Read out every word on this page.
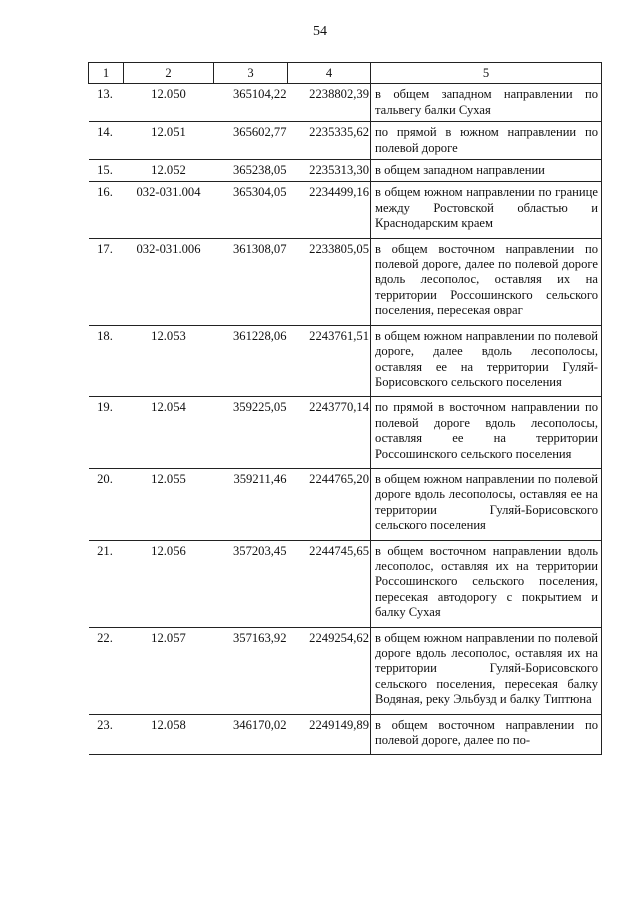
54
1	2	3	4	5
13.	12.050	365104,22	2238802,39	в общем западном направлении по тальвегу балки Сухая
14.	12.051	365602,77	2235335,62	по прямой в южном направлении по полевой дороге
15.	12.052	365238,05	2235313,30	в общем западном направлении
16.	032-031.004	365304,05	2234499,16	в общем южном направлении по границе между Ростовской областью и Краснодарским краем
17.	032-031.006	361308,07	2233805,05	в общем восточном направлении по полевой дороге, далее по полевой дороге вдоль лесополос, оставляя их на территории Россошинского сельского поселения, пересекая овраг
18.	12.053	361228,06	2243761,51	в общем южном направлении по полевой дороге, далее вдоль лесополосы, оставляя ее на территории Гуляй-Борисовского сельского поселения
19.	12.054	359225,05	2243770,14	по прямой в восточном направлении по полевой дороге вдоль лесополосы, оставляя ее на территории Россошинского сельского поселения
20.	12.055	359211,46	2244765,20	в общем южном направлении по полевой дороге вдоль лесополосы, оставляя ее на территории Гуляй-Борисовского сельского поселения
21.	12.056	357203,45	2244745,65	в общем восточном направлении вдоль лесополос, оставляя их на территории Россошинского сельского поселения, пересекая автодорогу с покрытием и балку Сухая
22.	12.057	357163,92	2249254,62	в общем южном направлении по полевой дороге вдоль лесополос, оставляя их на территории Гуляй-Борисовского сельского поселения, пересекая балку Водяная, реку Эльбузд и балку Типтюна
23.	12.058	346170,02	2249149,89	в общем восточном направлении по полевой дороге, далее по по-
